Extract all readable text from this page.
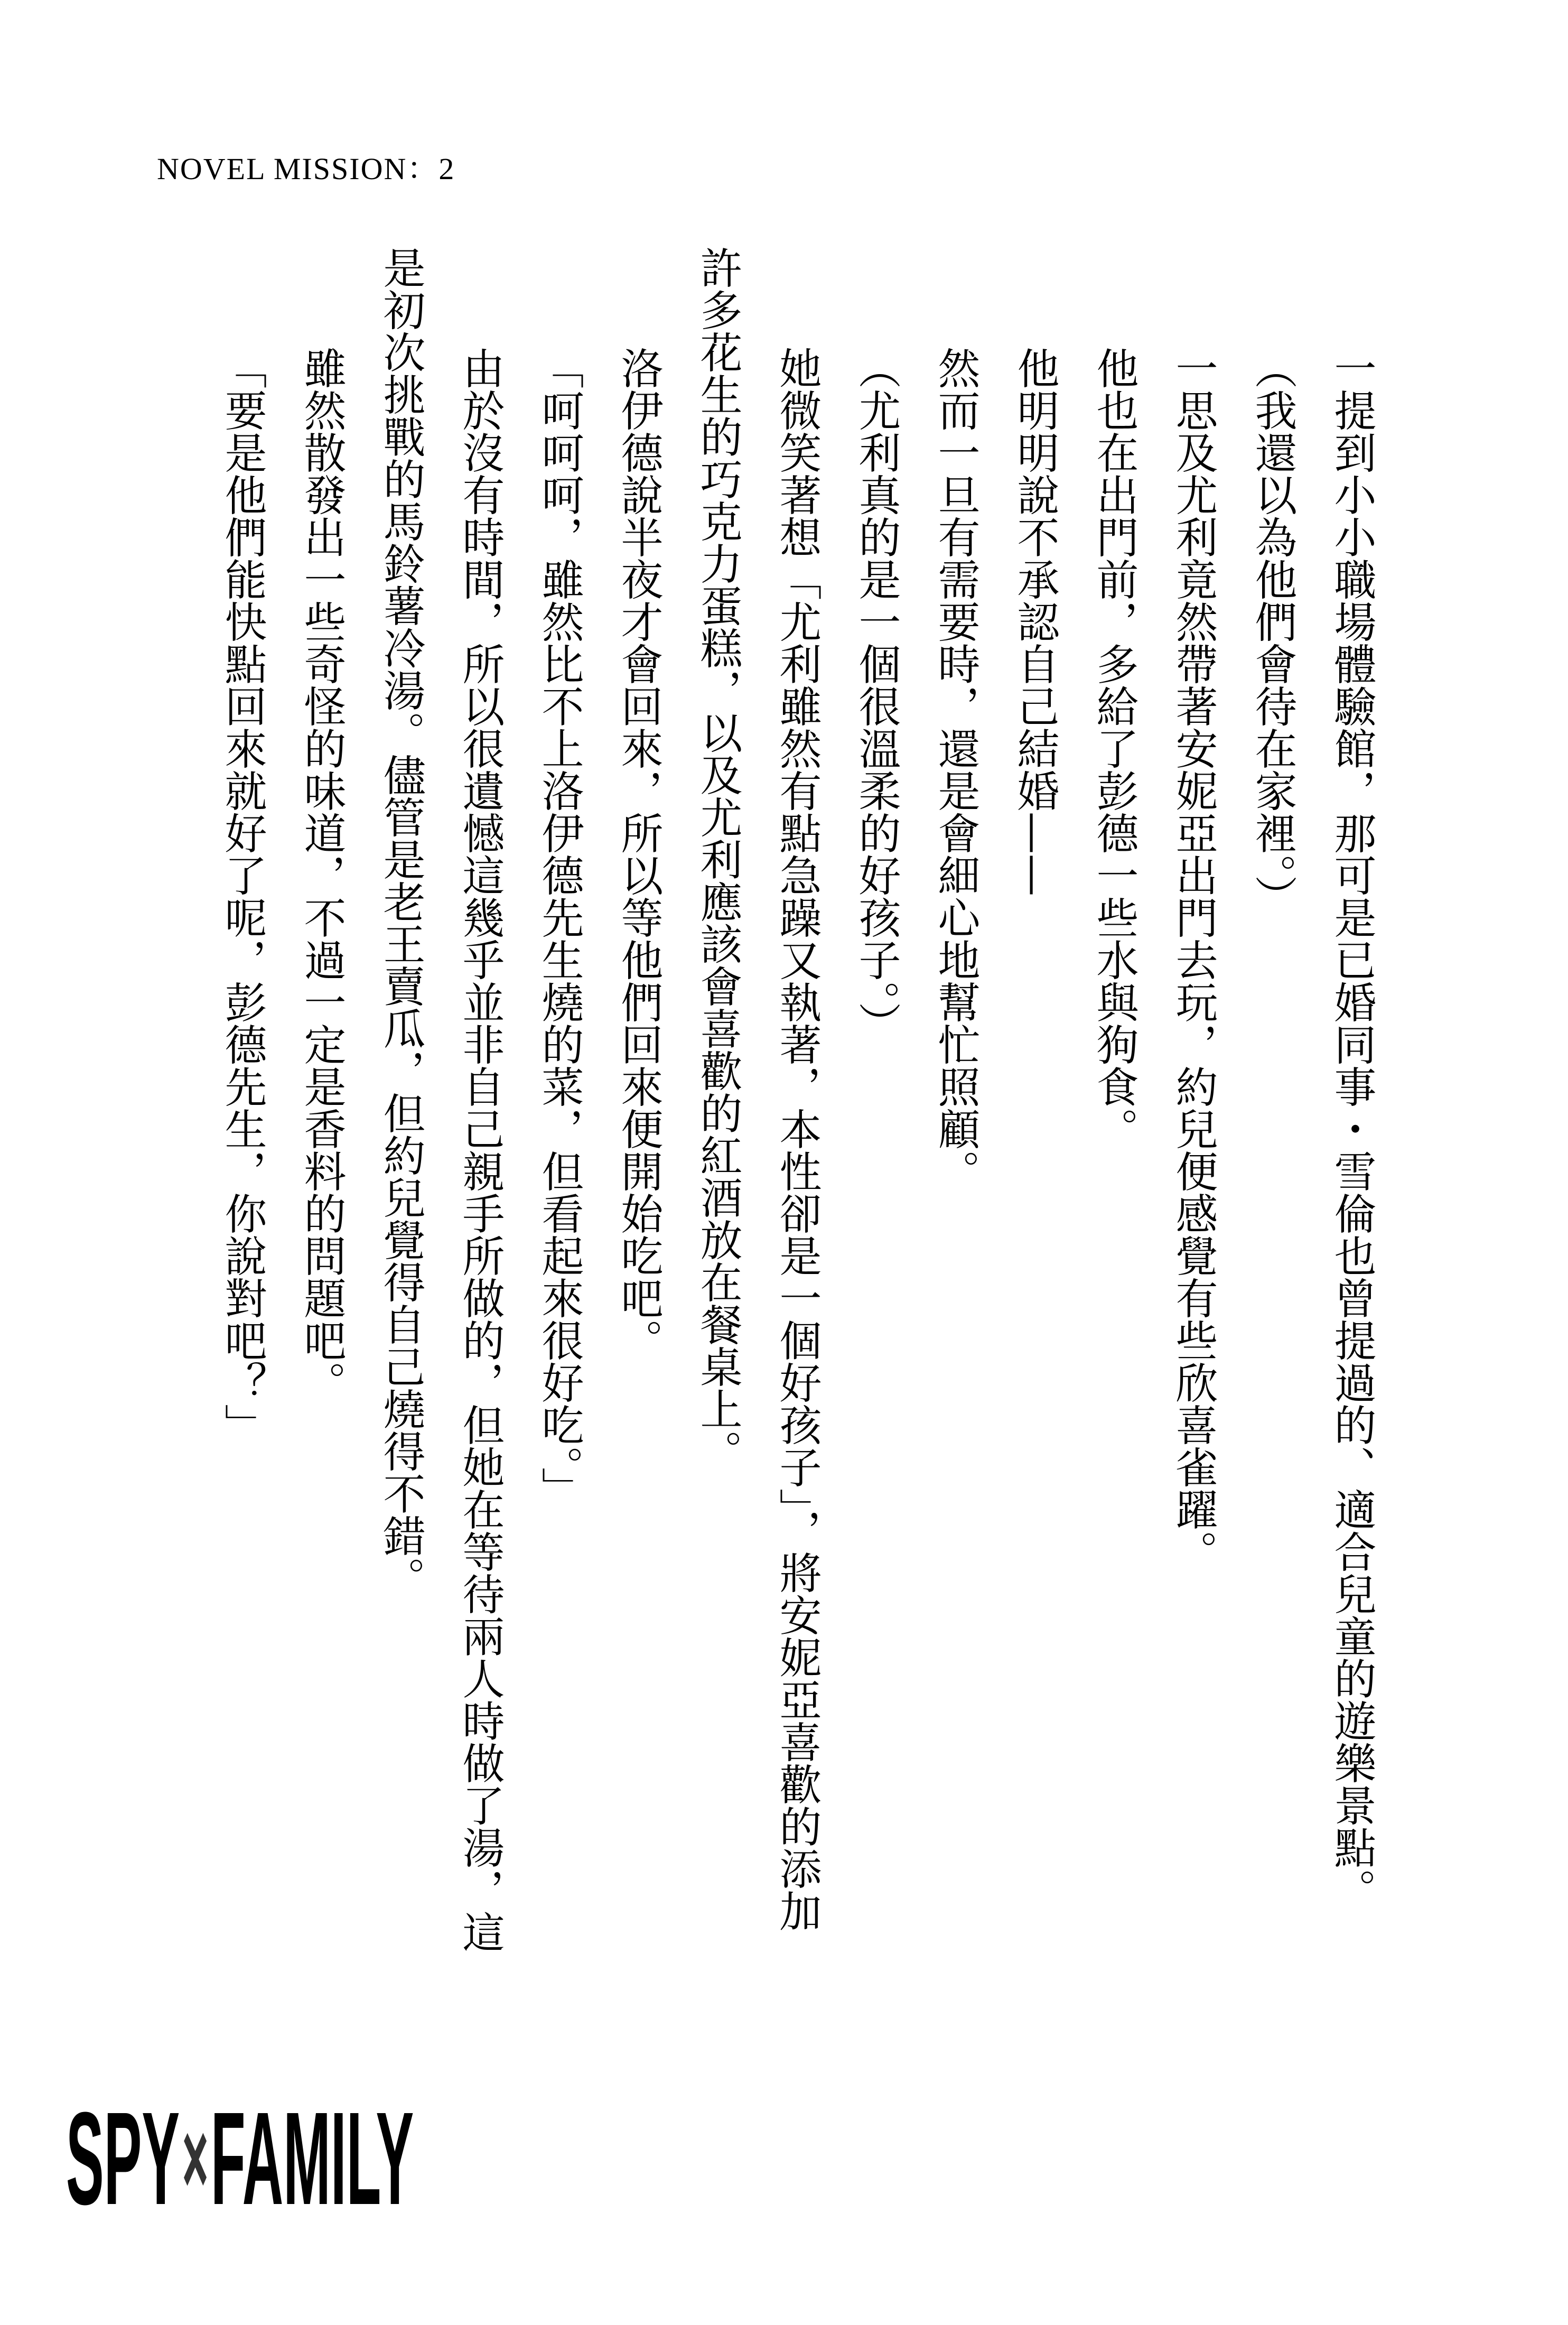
NOVEL MISSION：2
一提到小小職場體驗館，那可是已婚同事・雪倫也曾提過的、適合兒童的遊樂景點。
（我還以為他們會待在家裡。）
一思及尤利竟然帶著安妮亞出門去玩，約兒便感覺有些欣喜雀躍。
他也在出門前，多給了彭德一些水與狗食。
他明明說不承認自己結婚——
然而一旦有需要時，還是會細心地幫忙照顧。
（尤利真的是一個很溫柔的好孩子。）
她微笑著想「尤利雖然有點急躁又執著，本性卻是一個好孩子」，將安妮亞喜歡的添加
許多花生的巧克力蛋糕，以及尤利應該會喜歡的紅酒放在餐桌上。
洛伊德說半夜才會回來，所以等他們回來便開始吃吧。
「呵呵呵，雖然比不上洛伊德先生燒的菜，但看起來很好吃。」
由於沒有時間，所以很遺憾這幾乎並非自己親手所做的，但她在等待兩人時做了湯，這
是初次挑戰的馬鈴薯冷湯。儘管是老王賣瓜，但約兒覺得自己燒得不錯。
雖然散發出一些奇怪的味道，不過一定是香料的問題吧。
「要是他們能快點回來就好了呢，彭德先生，你說對吧？」
SPY × FAMILY
